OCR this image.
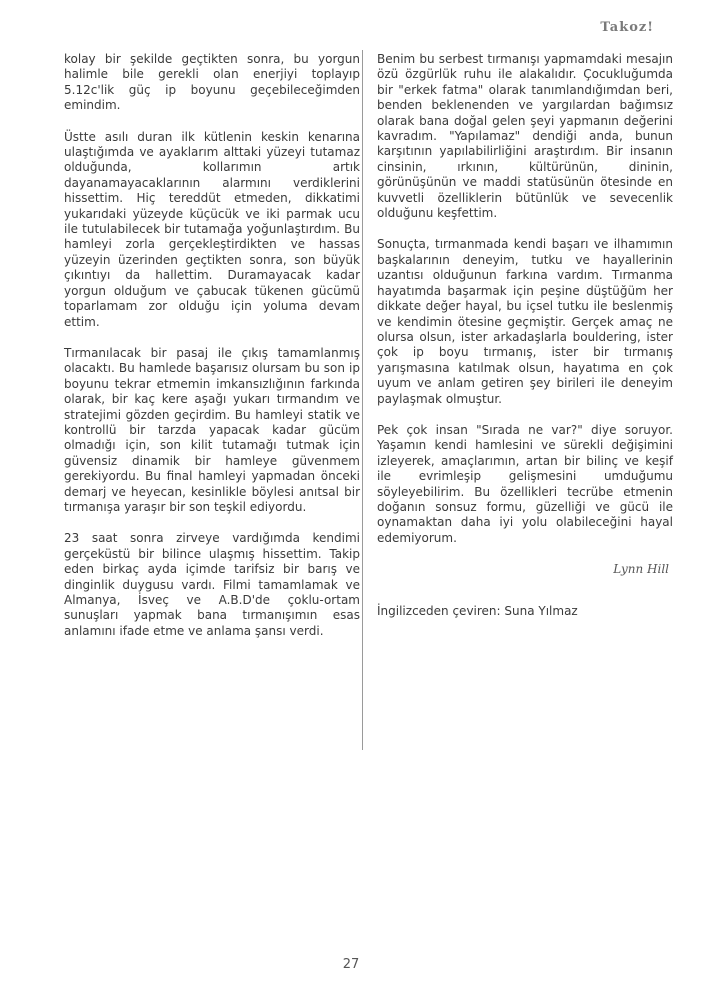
Takoz!

kolay bir şekilde geçtikten sonra, bu yorgun halimle bile gerekli olan enerjiyi toplayıp 5.12c'lik güç ip boyunu geçebileceğimden emindim.

Üstte asılı duran ilk kütlenin keskin kenarına ulaştığımda ve ayaklarım alttaki yüzeyi tutamaz olduğunda, kollarımın artık dayanamayacaklarının alarmını verdiklerini hissettim. Hiç tereddüt etmeden, dikkatimi yukarıdaki yüzeyde küçücük ve iki parmak ucu ile tutulabilecek bir tutamağa yoğunlaştırdım. Bu hamleyi zorla gerçekleştirdikten ve hassas yüzeyin üzerinden geçtikten sonra, son büyük çıkıntıyı da hallettim. Duramayacak kadar yorgun olduğum ve çabucak tükenen gücümü toparlamam zor olduğu için yoluma devam ettim.

Tırmanılacak bir pasaj ile çıkış tamamlanmış olacaktı. Bu hamlede başarısız olursam bu son ip boyunu tekrar etmemin imkansızlığının farkında olarak, bir kaç kere aşağı yukarı tırmandım ve stratejimi gözden geçirdim. Bu hamleyi statik ve kontrollü bir tarzda yapacak kadar gücüm olmadığı için, son kilit tutamağı tutmak için güvensiz dinamik bir hamleye güvenmem gerekiyordu. Bu final hamleyi yapmadan önceki demarj ve heyecan, kesinlikle böylesi anıtsal bir tırmanışa yaraşır bir son teşkil ediyordu.

23 saat sonra zirveye vardığımda kendimi gerçeküstü bir bilince ulaşmış hissettim. Takip eden birkaç ayda içimde tarifsiz bir barış ve dinginlik duygusu vardı. Filmi tamamlamak ve Almanya, İsveç ve A.B.D'de çoklu-ortam sunuşları yapmak bana tırmanışımın esas anlamını ifade etme ve anlama şansı verdi.

Benim bu serbest tırmanışı yapmamdaki mesajın özü özgürlük ruhu ile alakalıdır. Çocukluğumda bir "erkek fatma" olarak tanımlandığımdan beri, benden beklenenden ve yargılardan bağımsız olarak bana doğal gelen şeyi yapmanın değerini kavradım. "Yapılamaz" dendiği anda, bunun karşıtının yapılabilirliğini araştırdım. Bir insanın cinsinin, ırkının, kültürünün, dininin, görünüşünün ve maddi statüsünün ötesinde en kuvvetli özelliklerin bütünlük ve sevecenlik olduğunu keşfettim.

Sonuçta, tırmanmada kendi başarı ve ilhamımın başkalarının deneyim, tutku ve hayallerinin uzantısı olduğunun farkına vardım. Tırmanma hayatımda başarmak için peşine düştüğüm her dikkate değer hayal, bu içsel tutku ile beslenmiş ve kendimin ötesine geçmiştir. Gerçek amaç ne olursa olsun, ister arkadaşlarla bouldering, ister çok ip boyu tırmanış, ister bir tırmanış yarışmasına katılmak olsun, hayatıma en çok uyum ve anlam getiren şey birileri ile deneyim paylaşmak olmuştur.

Pek çok insan "Sırada ne var?" diye soruyor. Yaşamın kendi hamlesini ve sürekli değişimini izleyerek, amaçlarımın, artan bir bilinç ve keşif ile evrimleşip gelişmesini umduğumu söyleyebilirim. Bu özellikleri tecrübe etmenin doğanın sonsuz formu, güzelliği ve gücü ile oynamaktan daha iyi yolu olabileceğini hayal edemiyorum.

Lynn Hill

İngilizceden çeviren: Suna Yılmaz

27
